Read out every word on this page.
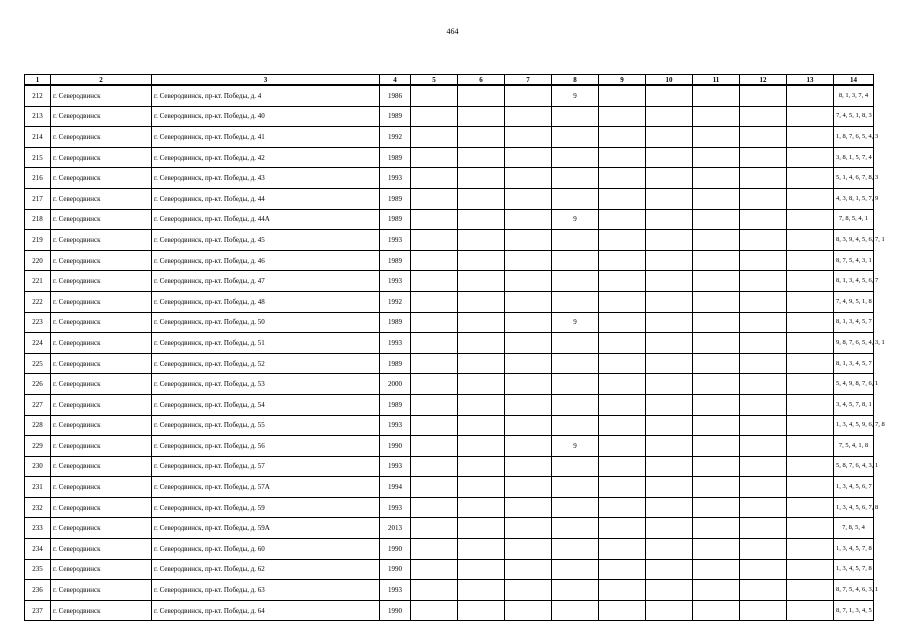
464
1	2	3	4	5	6	7	8	9	10	11	12	13	14
212	г. Северодвинск	г. Северодвинск, пр-кт. Победы, д. 4	1986				9						8, 1, 3, 7, 4
213	г. Северодвинск	г. Северодвинск, пр-кт. Победы, д. 40	1989										7, 4, 5, 1, 8, 3
214	г. Северодвинск	г. Северодвинск, пр-кт. Победы, д. 41	1992										1, 8, 7, 6, 5, 4, 3
215	г. Северодвинск	г. Северодвинск, пр-кт. Победы, д. 42	1989										3, 8, 1, 5, 7, 4
216	г. Северодвинск	г. Северодвинск, пр-кт. Победы, д. 43	1993										5, 1, 4, 6, 7, 8, 3
217	г. Северодвинск	г. Северодвинск, пр-кт. Победы, д. 44	1989										4, 3, 8, 1, 5, 7, 9
218	г. Северодвинск	г. Северодвинск, пр-кт. Победы, д. 44А	1989				9						7, 8, 5, 4, 1
219	г. Северодвинск	г. Северодвинск, пр-кт. Победы, д. 45	1993										8, 3, 9, 4, 5, 6, 7, 1
220	г. Северодвинск	г. Северодвинск, пр-кт. Победы, д. 46	1989										8, 7, 5, 4, 3, 1
221	г. Северодвинск	г. Северодвинск, пр-кт. Победы, д. 47	1993										8, 1, 3, 4, 5, 6, 7
222	г. Северодвинск	г. Северодвинск, пр-кт. Победы, д. 48	1992										7, 4, 9, 5, 1, 8
223	г. Северодвинск	г. Северодвинск, пр-кт. Победы, д. 50	1989				9						8, 1, 3, 4, 5, 7
224	г. Северодвинск	г. Северодвинск, пр-кт. Победы, д. 51	1993										9, 8, 7, 6, 5, 4, 3, 1
225	г. Северодвинск	г. Северодвинск, пр-кт. Победы, д. 52	1989										8, 1, 3, 4, 5, 7
226	г. Северодвинск	г. Северодвинск, пр-кт. Победы, д. 53	2000										5, 4, 9, 8, 7, 6, 1
227	г. Северодвинск	г. Северодвинск, пр-кт. Победы, д. 54	1989										3, 4, 5, 7, 8, 1
228	г. Северодвинск	г. Северодвинск, пр-кт. Победы, д. 55	1993										1, 3, 4, 5, 9, 6, 7, 8
229	г. Северодвинск	г. Северодвинск, пр-кт. Победы, д. 56	1990				9						7, 5, 4, 1, 8
230	г. Северодвинск	г. Северодвинск, пр-кт. Победы, д. 57	1993										5, 8, 7, 6, 4, 3, 1
231	г. Северодвинск	г. Северодвинск, пр-кт. Победы, д. 57А	1994										1, 3, 4, 5, 6, 7
232	г. Северодвинск	г. Северодвинск, пр-кт. Победы, д. 59	1993										1, 3, 4, 5, 6, 7, 8
233	г. Северодвинск	г. Северодвинск, пр-кт. Победы, д. 59А	2013										7, 8, 5, 4
234	г. Северодвинск	г. Северодвинск, пр-кт. Победы, д. 60	1990										1, 3, 4, 5, 7, 8
235	г. Северодвинск	г. Северодвинск, пр-кт. Победы, д. 62	1990										1, 3, 4, 5, 7, 8
236	г. Северодвинск	г. Северодвинск, пр-кт. Победы, д. 63	1993										8, 7, 5, 4, 6, 3, 1
237	г. Северодвинск	г. Северодвинск, пр-кт. Победы, д. 64	1990										8, 7, 1, 3, 4, 5
